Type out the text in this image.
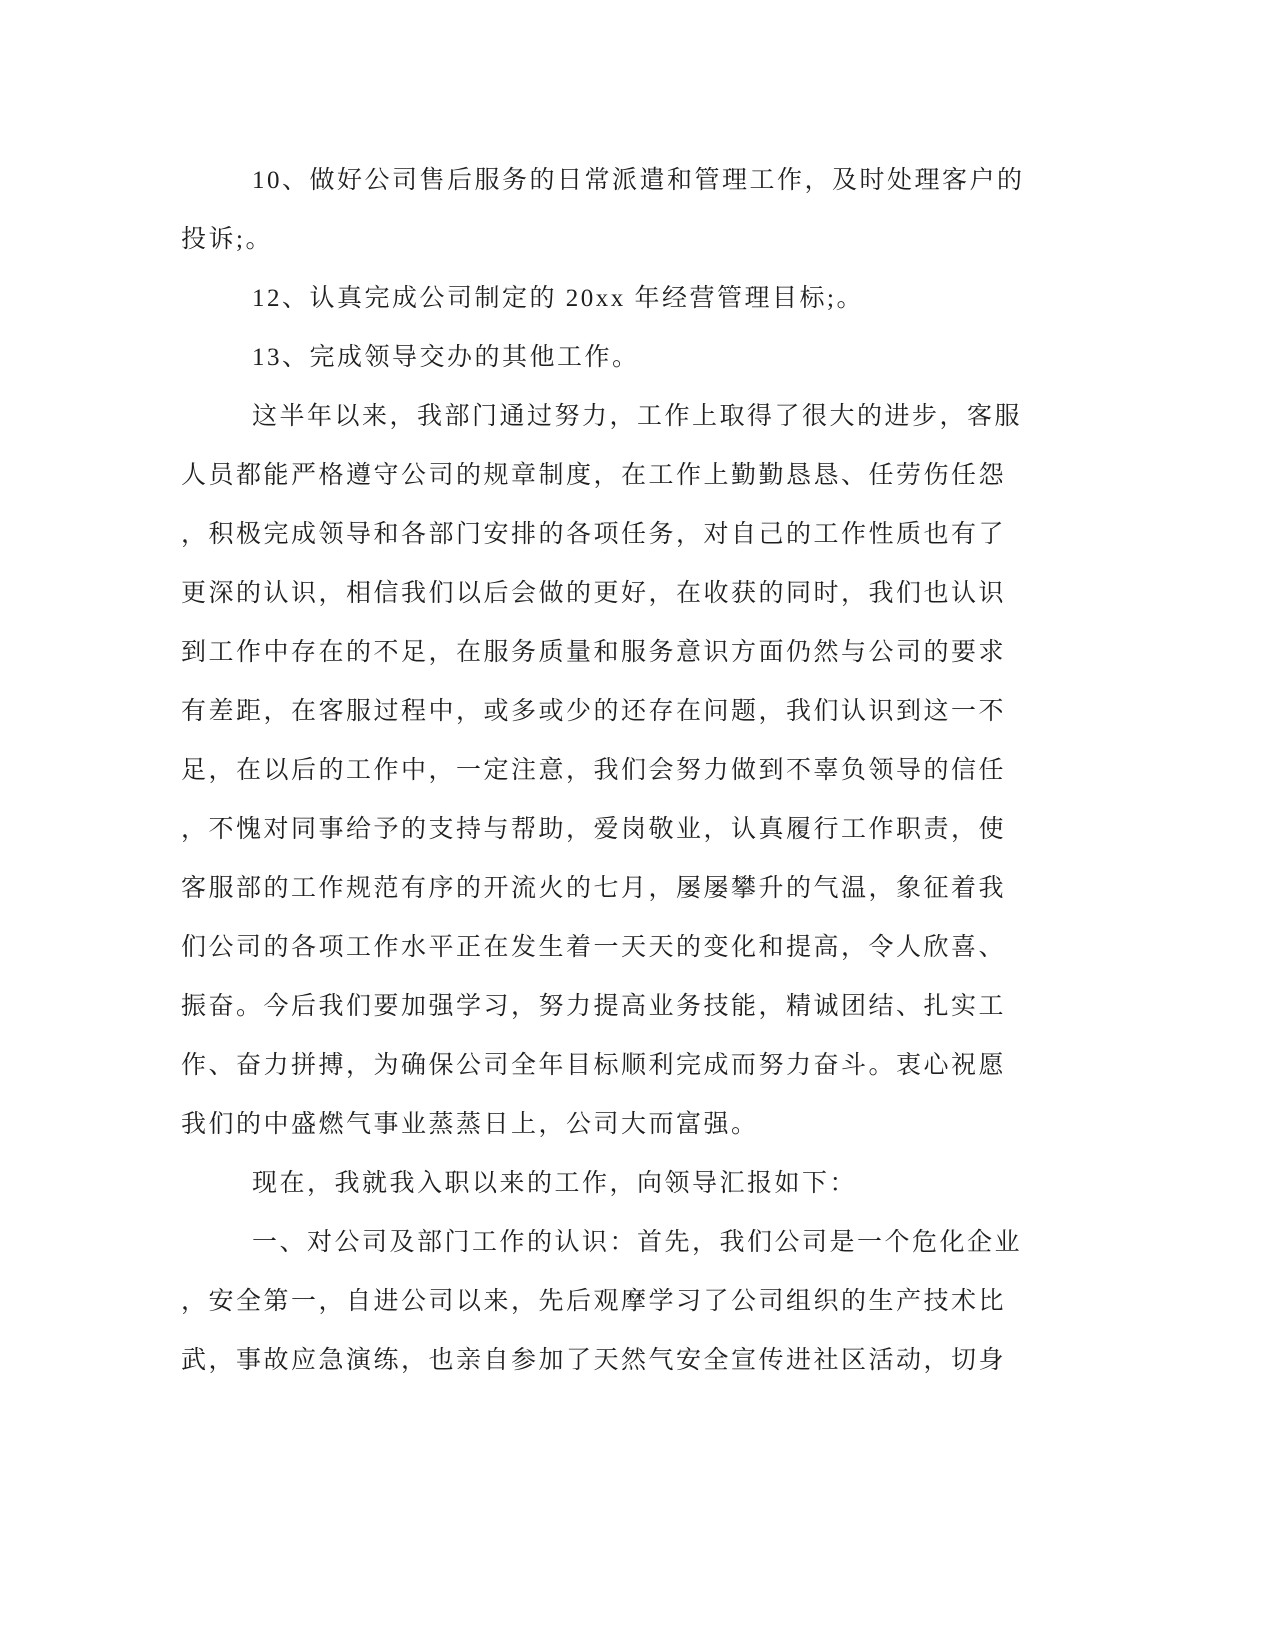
10、做好公司售后服务的日常派遣和管理工作，及时处理客户的
投诉;。
12、认真完成公司制定的 20xx 年经营管理目标;。
13、完成领导交办的其他工作。
这半年以来，我部门通过努力，工作上取得了很大的进步，客服
人员都能严格遵守公司的规章制度，在工作上勤勤恳恳、任劳伤任怨
，积极完成领导和各部门安排的各项任务，对自己的工作性质也有了
更深的认识，相信我们以后会做的更好，在收获的同时，我们也认识
到工作中存在的不足，在服务质量和服务意识方面仍然与公司的要求
有差距，在客服过程中，或多或少的还存在问题，我们认识到这一不
足，在以后的工作中，一定注意，我们会努力做到不辜负领导的信任
，不愧对同事给予的支持与帮助，爱岗敬业，认真履行工作职责，使
客服部的工作规范有序的开流火的七月，屡屡攀升的气温，象征着我
们公司的各项工作水平正在发生着一天天的变化和提高，令人欣喜、
振奋。今后我们要加强学习，努力提高业务技能，精诚团结、扎实工
作、奋力拼搏，为确保公司全年目标顺利完成而努力奋斗。衷心祝愿
我们的中盛燃气事业蒸蒸日上，公司大而富强。
现在，我就我入职以来的工作，向领导汇报如下：
一、对公司及部门工作的认识：首先，我们公司是一个危化企业
，安全第一，自进公司以来，先后观摩学习了公司组织的生产技术比
武，事故应急演练，也亲自参加了天然气安全宣传进社区活动，切身
